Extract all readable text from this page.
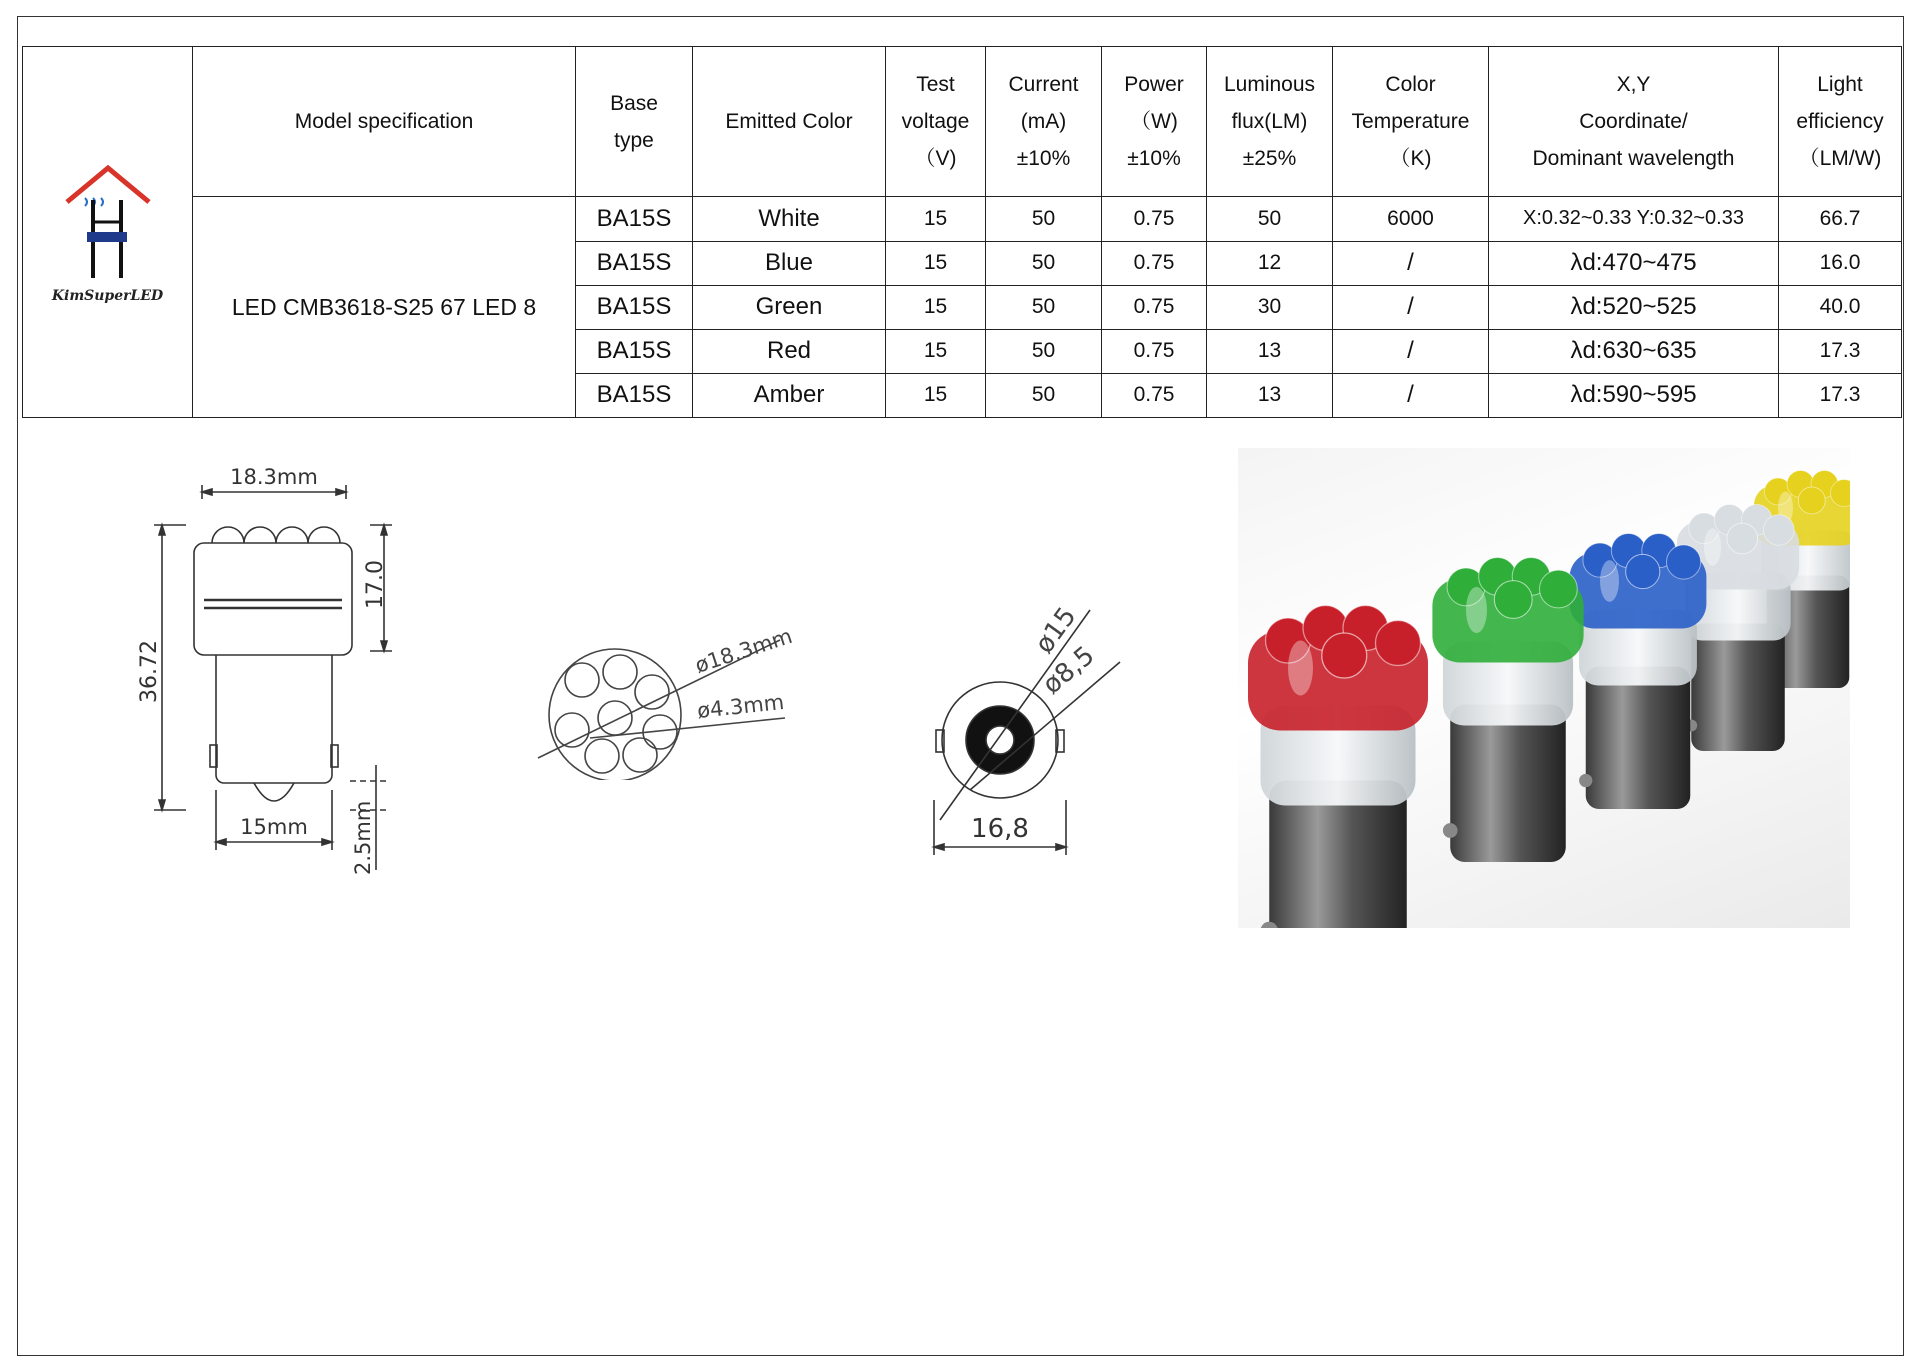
KimSuperLED	Model specification	Base
type	Emitted Color	Test
voltage
（V)	Current
(mA)
±10%	Power
（W)
±10%	Luminous
flux(LM)
±25%	Color
Temperature
（K)	X,Y
Coordinate/
Dominant wavelength	Light
efficiency
（LM/W)
	LED CMB3618-S25 67 LED 8	BA15S	White	15	50	0.75	50	6000	X:0.32~0.33 Y:0.32~0.33	66.7
		BA15S	Blue	15	50	0.75	12	/	λd:470~475	16.0
		BA15S	Green	15	50	0.75	30	/	λd:520~525	40.0
		BA15S	Red	15	50	0.75	13	/	λd:630~635	17.3
		BA15S	Amber	15	50	0.75	13	/	λd:590~595	17.3
18.3mm
36.72
17.0
15mm 2.5mm
ø18.3mm
ø4.3mm
ø15
ø8,5
16,8
